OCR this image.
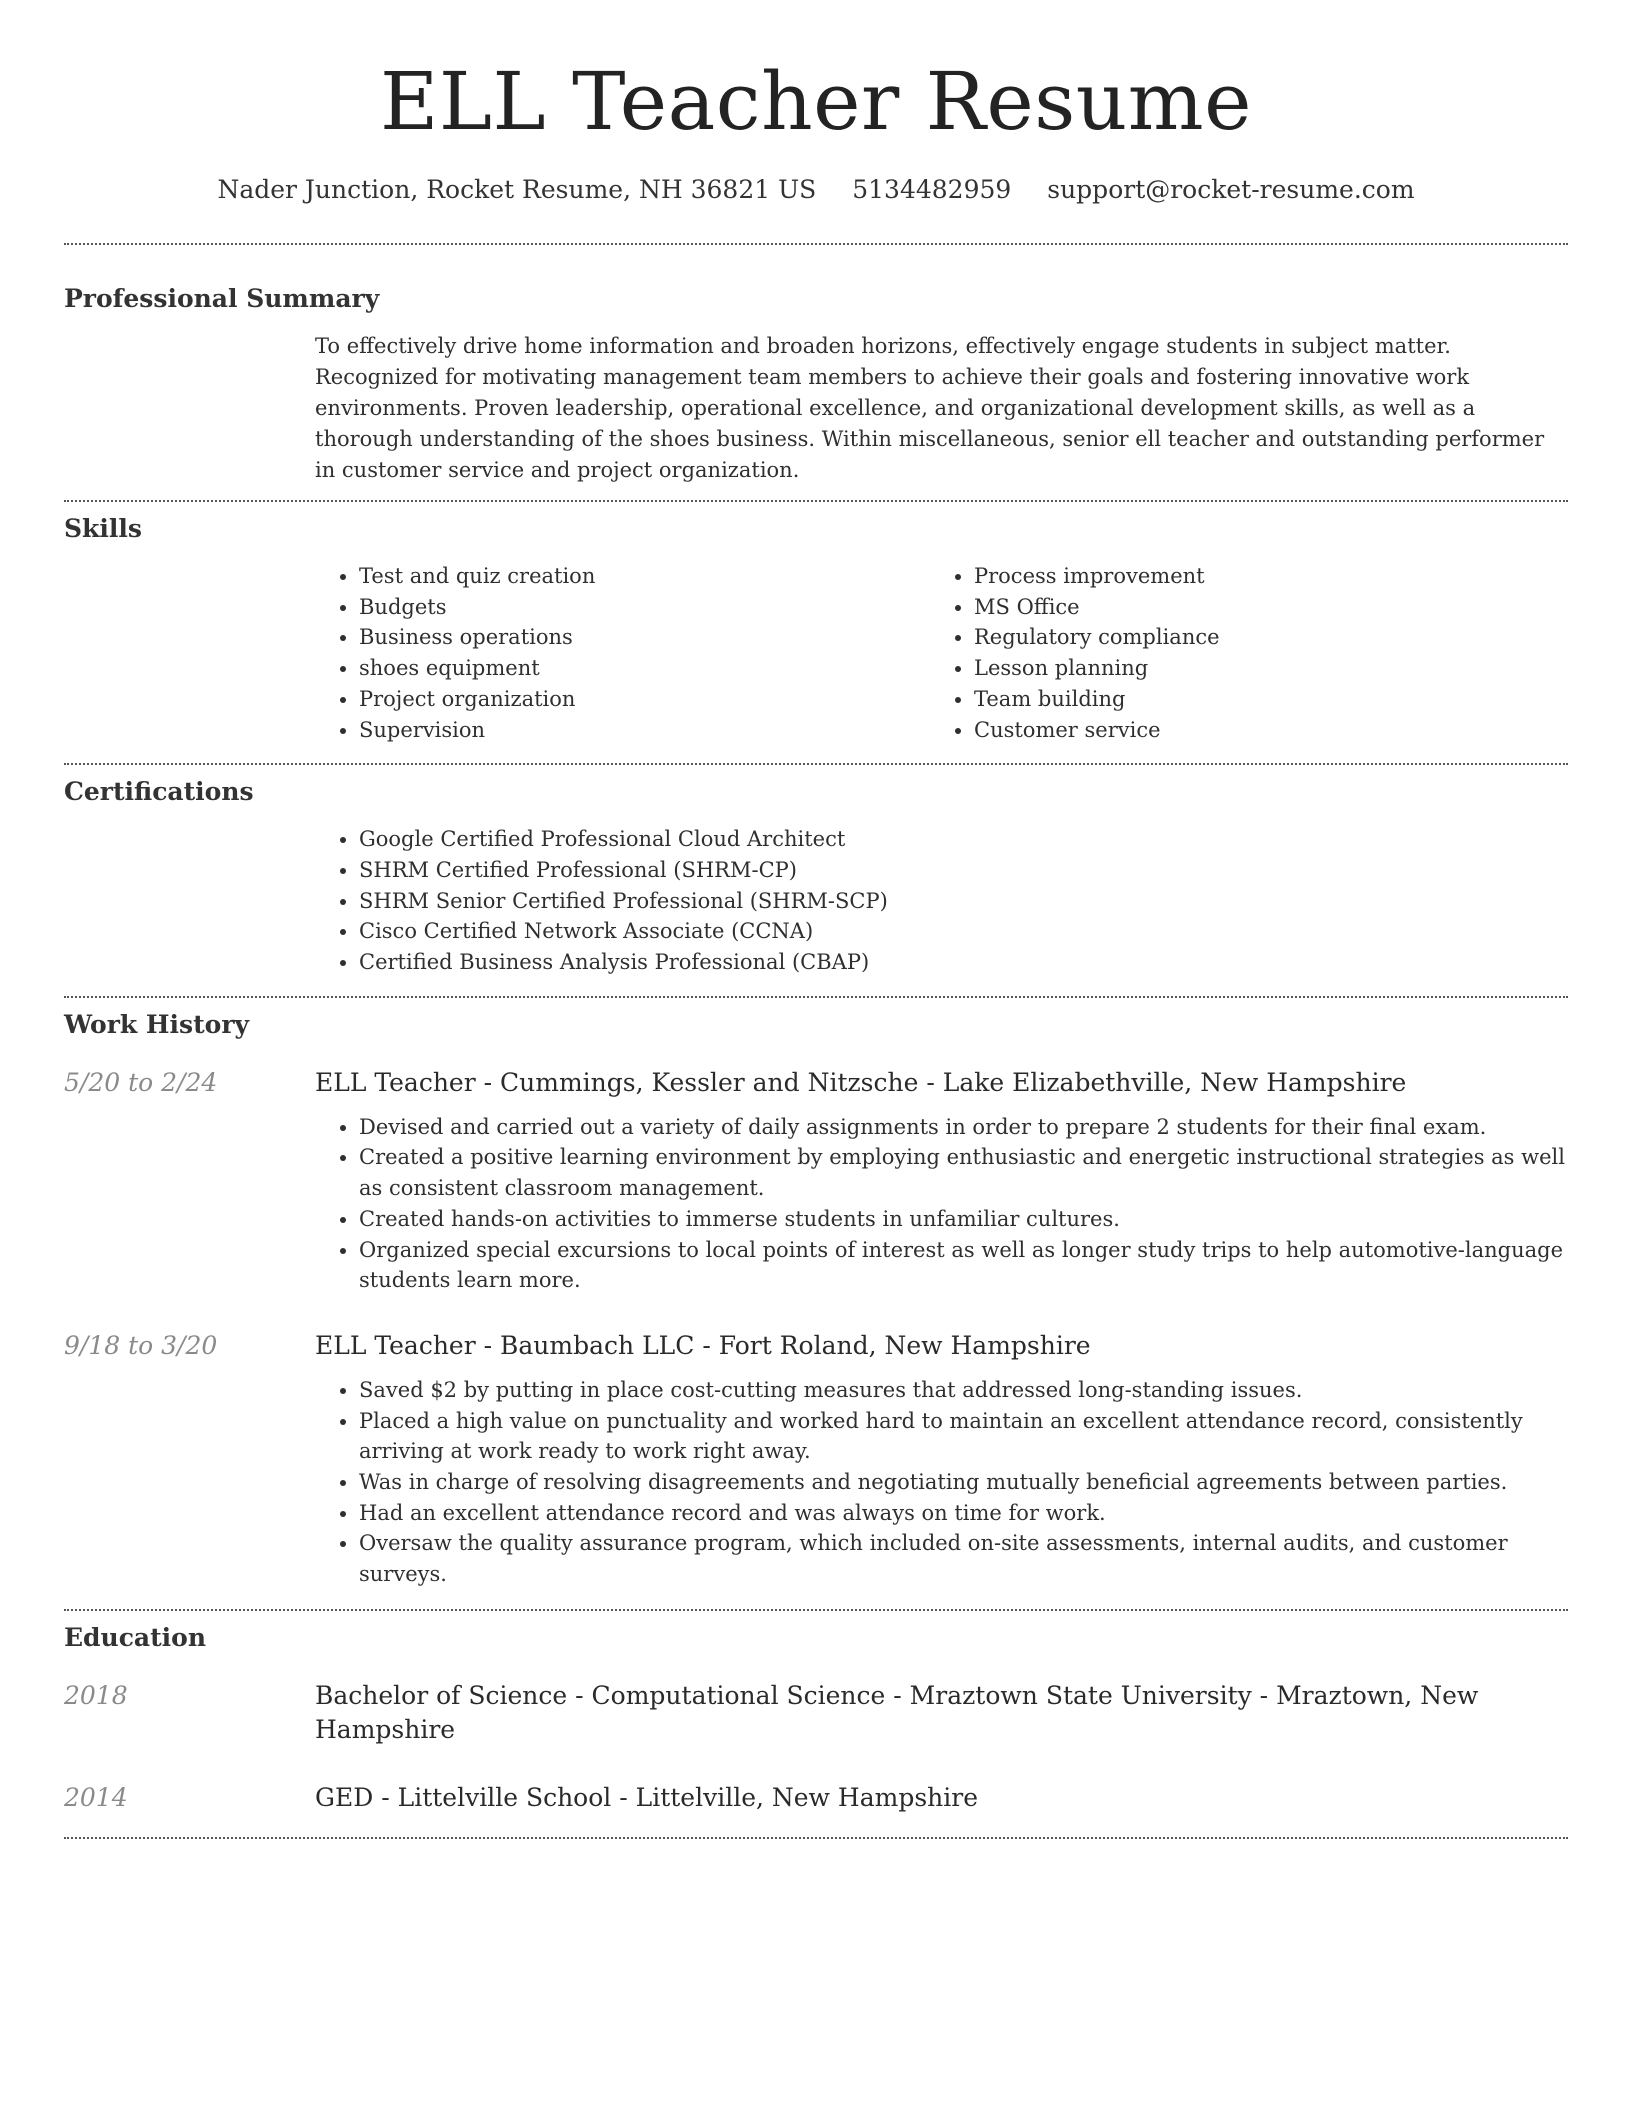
ELL Teacher Resume
Nader Junction, Rocket Resume, NH 36821 US 5134482959 support@rocket-resume.com
Professional Summary

To effectively drive home information and broaden horizons, effectively engage students in subject matter. Recognized for motivating management team members to achieve their goals and fostering innovative work environments. Proven leadership, operational excellence, and organizational development skills, as well as a thorough understanding of the shoes business. Within miscellaneous, senior ell teacher and outstanding performer in customer service and project organization.

Skills
• Test and quiz creation
• Budgets
• Business operations
• shoes equipment
• Project organization
• Supervision
• Process improvement
• MS Office
• Regulatory compliance
• Lesson planning
• Team building
• Customer service
Certifications
• Google Certified Professional Cloud Architect
• SHRM Certified Professional (SHRM-CP)
• SHRM Senior Certified Professional (SHRM-SCP)
• Cisco Certified Network Associate (CCNA)
• Certified Business Analysis Professional (CBAP)
Work History
5/20 to 2/24	ELL Teacher - Cummings, Kessler and Nitzsche - Lake Elizabethville, New Hampshire
• Devised and carried out a variety of daily assignments in order to prepare 2 students for their final exam.
• Created a positive learning environment by employing enthusiastic and energetic instructional strategies as well as consistent classroom management.
• Created hands-on activities to immerse students in unfamiliar cultures.
• Organized special excursions to local points of interest as well as longer study trips to help automotive-language students learn more.
9/18 to 3/20	ELL Teacher - Baumbach LLC - Fort Roland, New Hampshire
• Saved $2 by putting in place cost-cutting measures that addressed long-standing issues.
• Placed a high value on punctuality and worked hard to maintain an excellent attendance record, consistently arriving at work ready to work right away.
• Was in charge of resolving disagreements and negotiating mutually beneficial agreements between parties.
• Had an excellent attendance record and was always on time for work.
• Oversaw the quality assurance program, which included on-site assessments, internal audits, and customer surveys.
Education
2018	Bachelor of Science - Computational Science - Mraztown State University - Mraztown, New Hampshire
2014	GED - Littelville School - Littelville, New Hampshire
